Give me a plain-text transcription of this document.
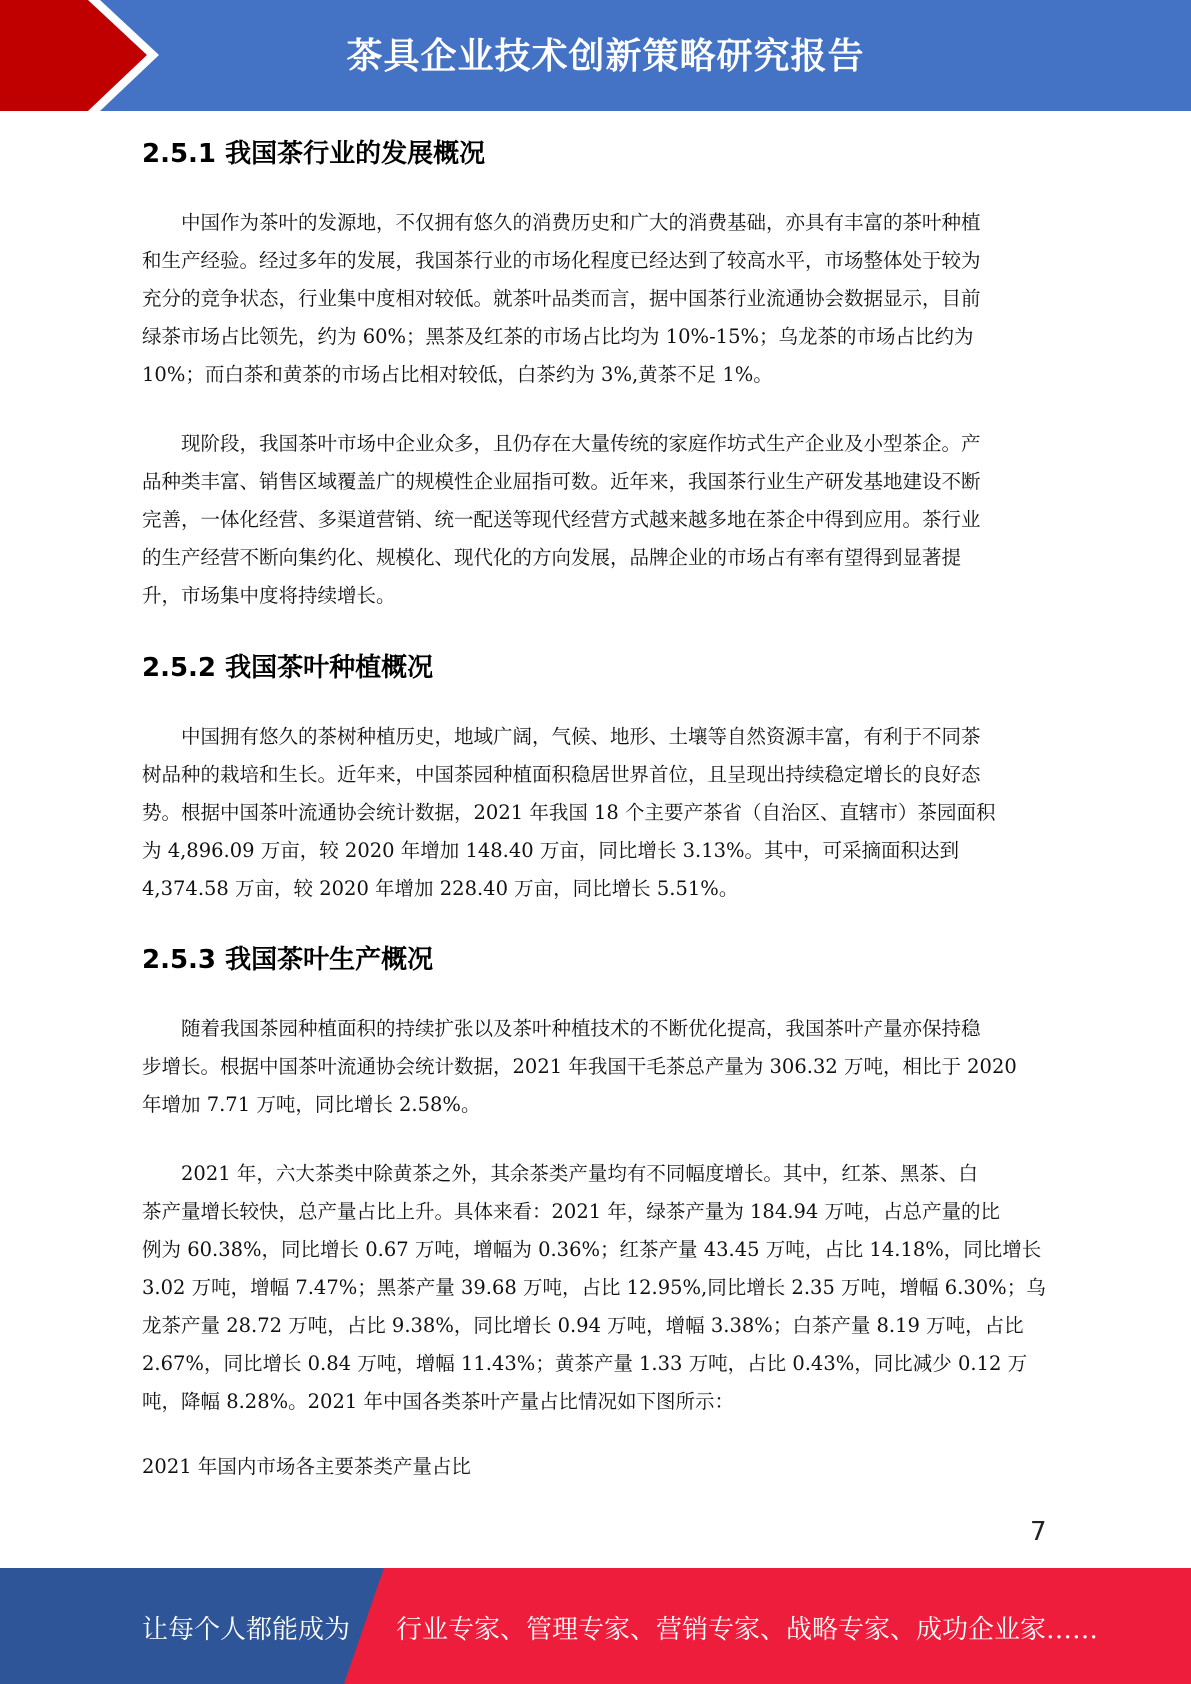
茶具企业技术创新策略研究报告
2.5.1 我国茶行业的发展概况
　　中国作为茶叶的发源地，不仅拥有悠久的消费历史和广大的消费基础，亦具有丰富的茶叶种植
和生产经验。经过多年的发展，我国茶行业的市场化程度已经达到了较高水平，市场整体处于较为
充分的竞争状态，行业集中度相对较低。就茶叶品类而言，据中国茶行业流通协会数据显示，目前
绿茶市场占比领先，约为 60%；黑茶及红茶的市场占比均为 10%-15%；乌龙茶的市场占比约为
10%；而白茶和黄茶的市场占比相对较低，白茶约为 3%,黄茶不足 1%。
　　现阶段，我国茶叶市场中企业众多，且仍存在大量传统的家庭作坊式生产企业及小型茶企。产
品种类丰富、销售区域覆盖广的规模性企业屈指可数。近年来，我国茶行业生产研发基地建设不断
完善，一体化经营、多渠道营销、统一配送等现代经营方式越来越多地在茶企中得到应用。茶行业
的生产经营不断向集约化、规模化、现代化的方向发展，品牌企业的市场占有率有望得到显著提
升，市场集中度将持续增长。
2.5.2 我国茶叶种植概况
　　中国拥有悠久的茶树种植历史，地域广阔，气候、地形、土壤等自然资源丰富，有利于不同茶
树品种的栽培和生长。近年来，中国茶园种植面积稳居世界首位，且呈现出持续稳定增长的良好态
势。根据中国茶叶流通协会统计数据，2021 年我国 18 个主要产茶省（自治区、直辖市）茶园面积
为 4,896.09 万亩，较 2020 年增加 148.40 万亩，同比增长 3.13%。其中，可采摘面积达到
4,374.58 万亩，较 2020 年增加 228.40 万亩，同比增长 5.51%。
2.5.3 我国茶叶生产概况
　　随着我国茶园种植面积的持续扩张以及茶叶种植技术的不断优化提高，我国茶叶产量亦保持稳
步增长。根据中国茶叶流通协会统计数据，2021 年我国干毛茶总产量为 306.32 万吨，相比于 2020
年增加 7.71 万吨，同比增长 2.58%。
　　2021 年，六大茶类中除黄茶之外，其余茶类产量均有不同幅度增长。其中，红茶、黑茶、白
茶产量增长较快，总产量占比上升。具体来看：2021 年，绿茶产量为 184.94 万吨，占总产量的比
例为 60.38%，同比增长 0.67 万吨，增幅为 0.36%；红茶产量 43.45 万吨，占比 14.18%，同比增长
3.02 万吨，增幅 7.47%；黑茶产量 39.68 万吨，占比 12.95%,同比增长 2.35 万吨，增幅 6.30%；乌
龙茶产量 28.72 万吨，占比 9.38%，同比增长 0.94 万吨，增幅 3.38%；白茶产量 8.19 万吨，占比
2.67%，同比增长 0.84 万吨，增幅 11.43%；黄茶产量 1.33 万吨，占比 0.43%，同比减少 0.12 万
吨，降幅 8.28%。2021 年中国各类茶叶产量占比情况如下图所示：
2021 年国内市场各主要茶类产量占比
7
让每个人都能成为 行业专家、管理专家、营销专家、战略专家、成功企业家……
